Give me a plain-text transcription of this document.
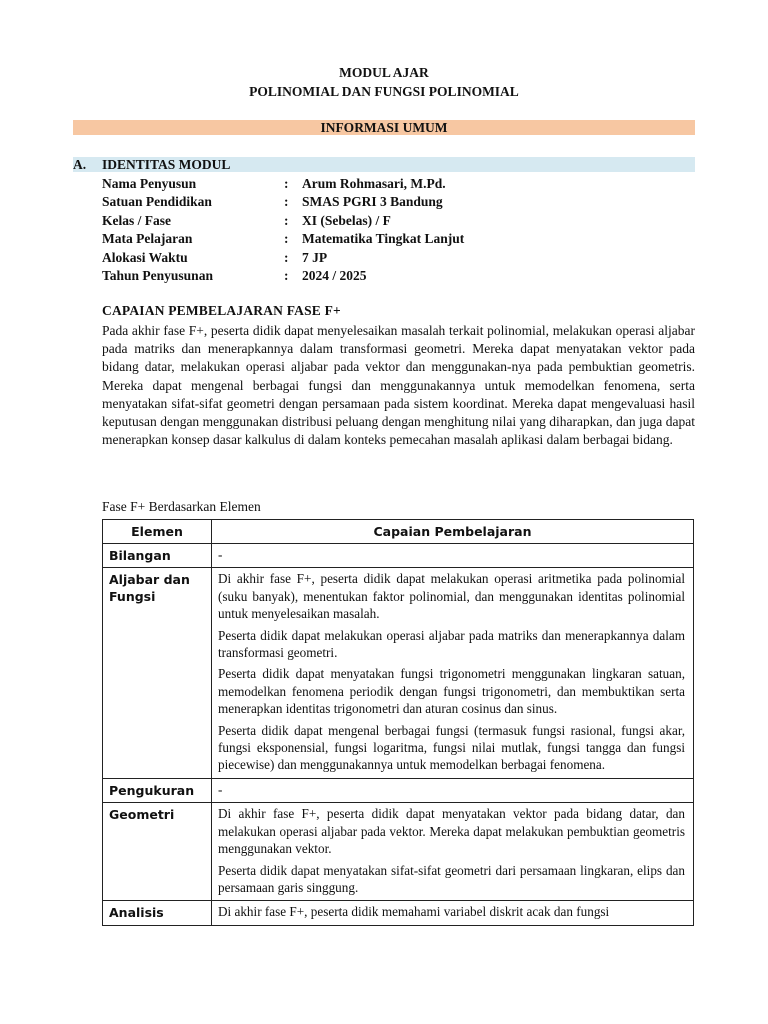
MODUL AJAR
POLINOMIAL DAN FUNGSI POLINOMIAL
INFORMASI UMUM
A. IDENTITAS MODUL
Nama Penyusun	: Arum Rohmasari, M.Pd.
Satuan Pendidikan	: SMAS PGRI 3 Bandung
Kelas / Fase	: XI (Sebelas) / F
Mata Pelajaran	: Matematika Tingkat Lanjut
Alokasi Waktu	: 7 JP
Tahun Penyusunan	: 2024 / 2025
CAPAIAN PEMBELAJARAN FASE F+

Pada akhir fase F+, peserta didik dapat menyelesaikan masalah terkait polinomial, melakukan operasi aljabar pada matriks dan menerapkannya dalam transformasi geometri. Mereka dapat menyatakan vektor pada bidang datar, melakukan operasi aljabar pada vektor dan menggunakan-nya pada pembuktian geometris. Mereka dapat mengenal berbagai fungsi dan menggunakannya untuk memodelkan fenomena, serta menyatakan sifat-sifat geometri dengan persamaan pada sistem koordinat. Mereka dapat mengevaluasi hasil keputusan dengan menggunakan distribusi peluang dengan menghitung nilai yang diharapkan, dan juga dapat menerapkan konsep dasar kalkulus di dalam konteks pemecahan masalah aplikasi dalam berbagai bidang.

Fase F+ Berdasarkan Elemen
Elemen	Capaian Pembelajaran
Bilangan	-

Aljabar dan Fungsi	Di akhir fase F+, peserta didik dapat melakukan operasi aritmetika pada polinomial (suku banyak), menentukan faktor polinomial, dan menggunakan identitas polinomial untuk menyelesaikan masalah.

Peserta didik dapat melakukan operasi aljabar pada matriks dan menerapkannya dalam transformasi geometri.

Peserta didik dapat menyatakan fungsi trigonometri menggunakan lingkaran satuan, memodelkan fenomena periodik dengan fungsi trigonometri, dan membuktikan serta menerapkan identitas trigonometri dan aturan cosinus dan sinus.

Peserta didik dapat mengenal berbagai fungsi (termasuk fungsi rasional, fungsi akar, fungsi eksponensial, fungsi logaritma, fungsi nilai mutlak, fungsi tangga dan fungsi piecewise) dan menggunakannya untuk memodelkan berbagai fenomena.

Pengukuran	-

Geometri	Di akhir fase F+, peserta didik dapat menyatakan vektor pada bidang datar, dan melakukan operasi aljabar pada vektor. Mereka dapat melakukan pembuktian geometris menggunakan vektor.

Peserta didik dapat menyatakan sifat-sifat geometri dari persamaan lingkaran, elips dan persamaan garis singgung.

Analisis	Di akhir fase F+, peserta didik memahami variabel diskrit acak dan fungsi
